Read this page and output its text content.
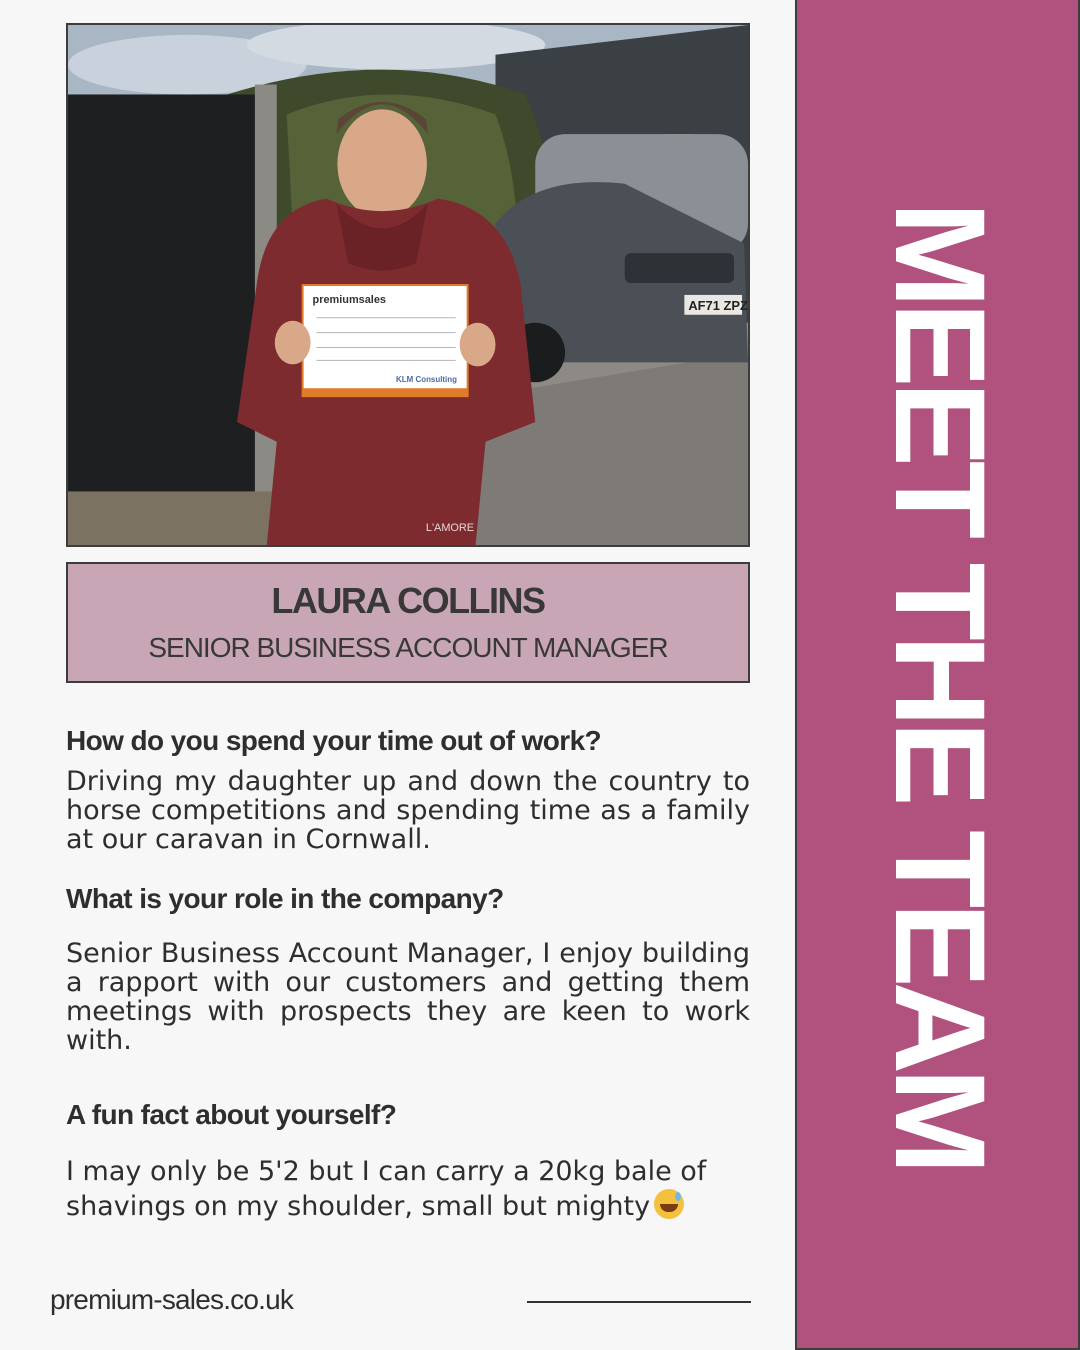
AF71 ZPZ
premiumsales
KLM Consulting
L'AMORE
LAURA COLLINS
SENIOR BUSINESS ACCOUNT MANAGER
How do you spend your time out of work?
Driving my daughter up and down the country to horse competitions and spending time as a family at our caravan in Cornwall.
What is your role in the company?
Senior Business Account Manager, I enjoy building a rapport with our customers and getting them meetings with prospects they are keen to work with.
A fun fact about yourself?
I may only be 5'2 but I can carry a 20kg bale of shavings on my shoulder, small but mighty
premium-sales.co.uk
MEET THE TEAM
